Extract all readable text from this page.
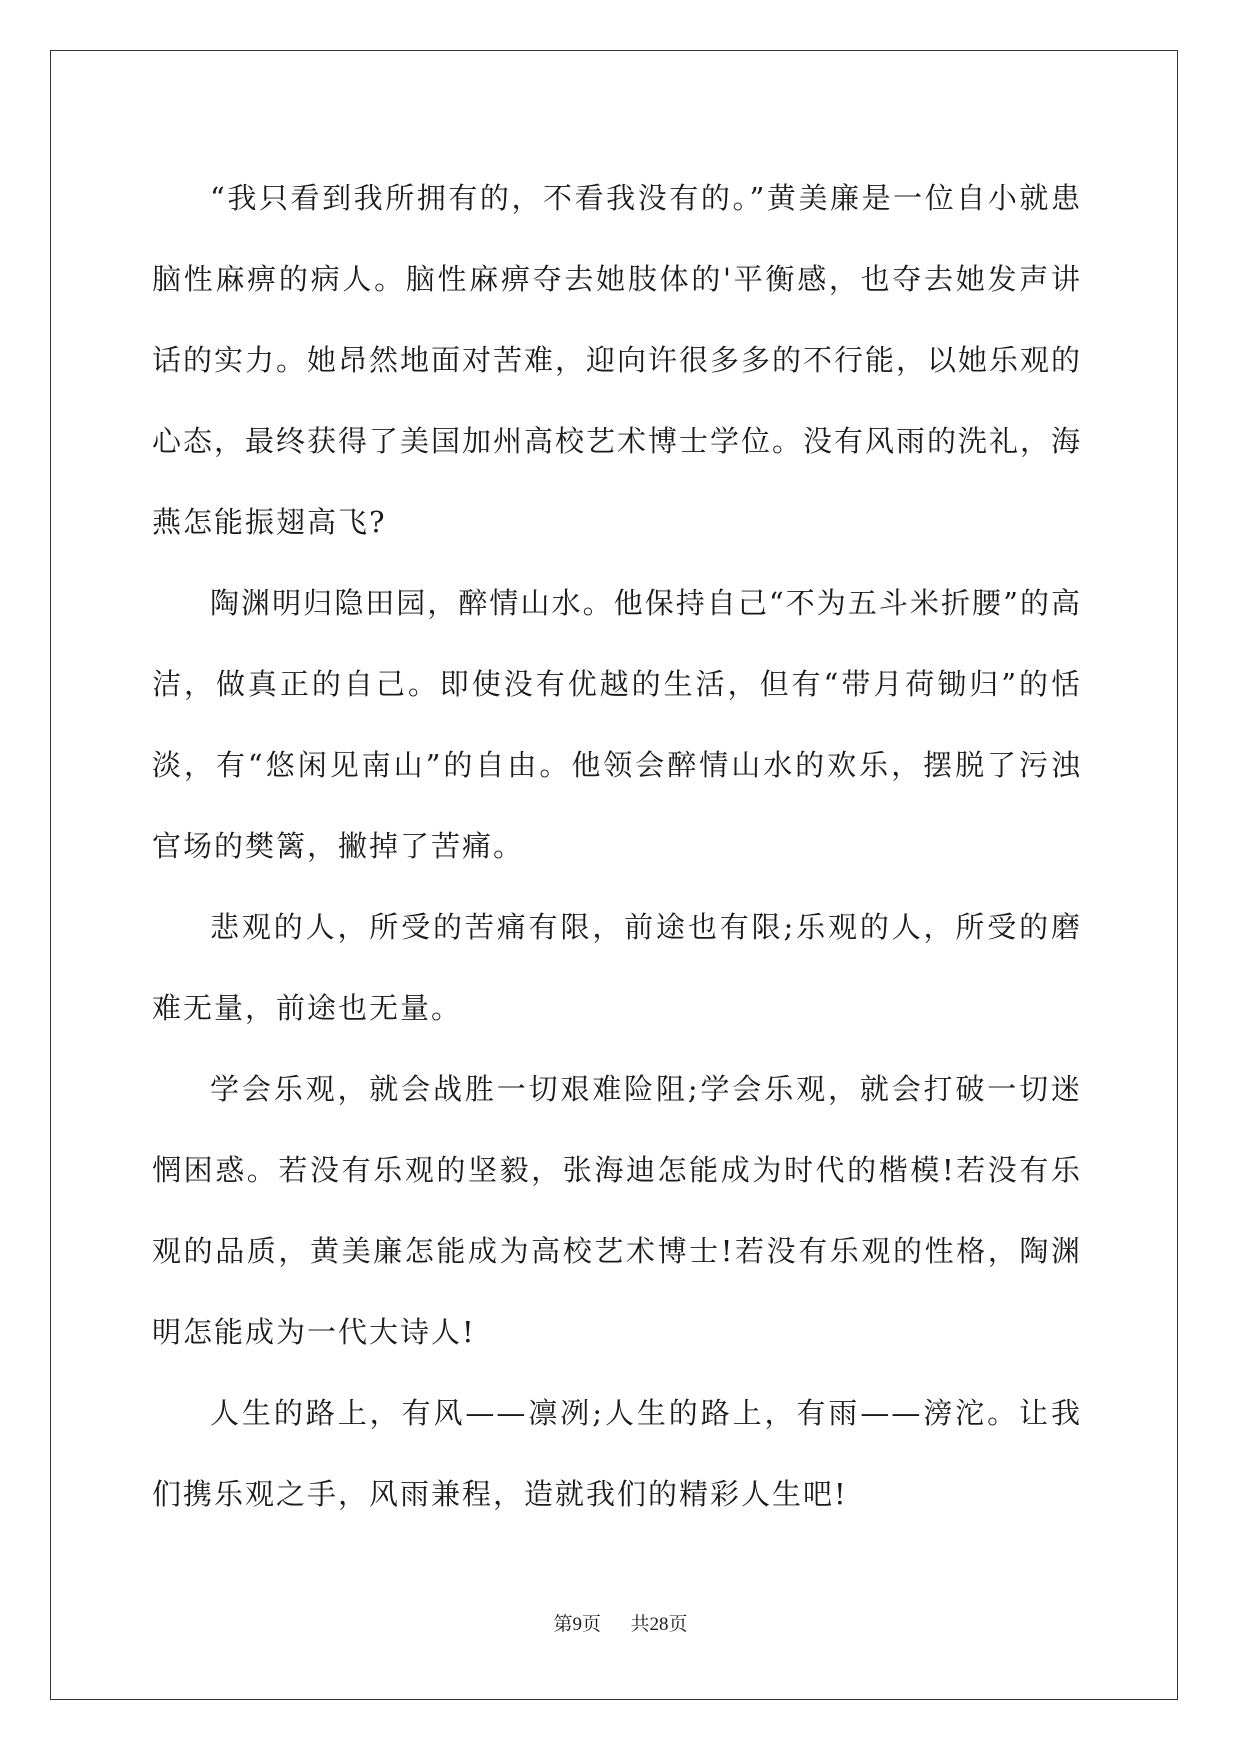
“我只看到我所拥有的，不看我没有的。”黄美廉是一位自小就患脑性麻痹的病人。脑性麻痹夺去她肢体的'平衡感，也夺去她发声讲话的实力。她昂然地面对苦难，迎向许很多多的不行能，以她乐观的心态，最终获得了美国加州高校艺术博士学位。没有风雨的洗礼，海燕怎能振翅高飞?

陶渊明归隐田园，醉情山水。他保持自己“不为五斗米折腰”的高洁，做真正的自己。即使没有优越的生活，但有“带月荷锄归”的恬淡，有“悠闲见南山”的自由。他领会醉情山水的欢乐，摆脱了污浊官场的樊篱，撇掉了苦痛。

悲观的人，所受的苦痛有限，前途也有限;乐观的人，所受的磨难无量，前途也无量。

学会乐观，就会战胜一切艰难险阻;学会乐观，就会打破一切迷惘困惑。若没有乐观的坚毅，张海迪怎能成为时代的楷模!若没有乐观的品质，黄美廉怎能成为高校艺术博士!若没有乐观的性格，陶渊明怎能成为一代大诗人!

人生的路上，有风——凛冽;人生的路上，有雨——滂沱。让我们携乐观之手，风雨兼程，造就我们的精彩人生吧!

第9页 共28页
